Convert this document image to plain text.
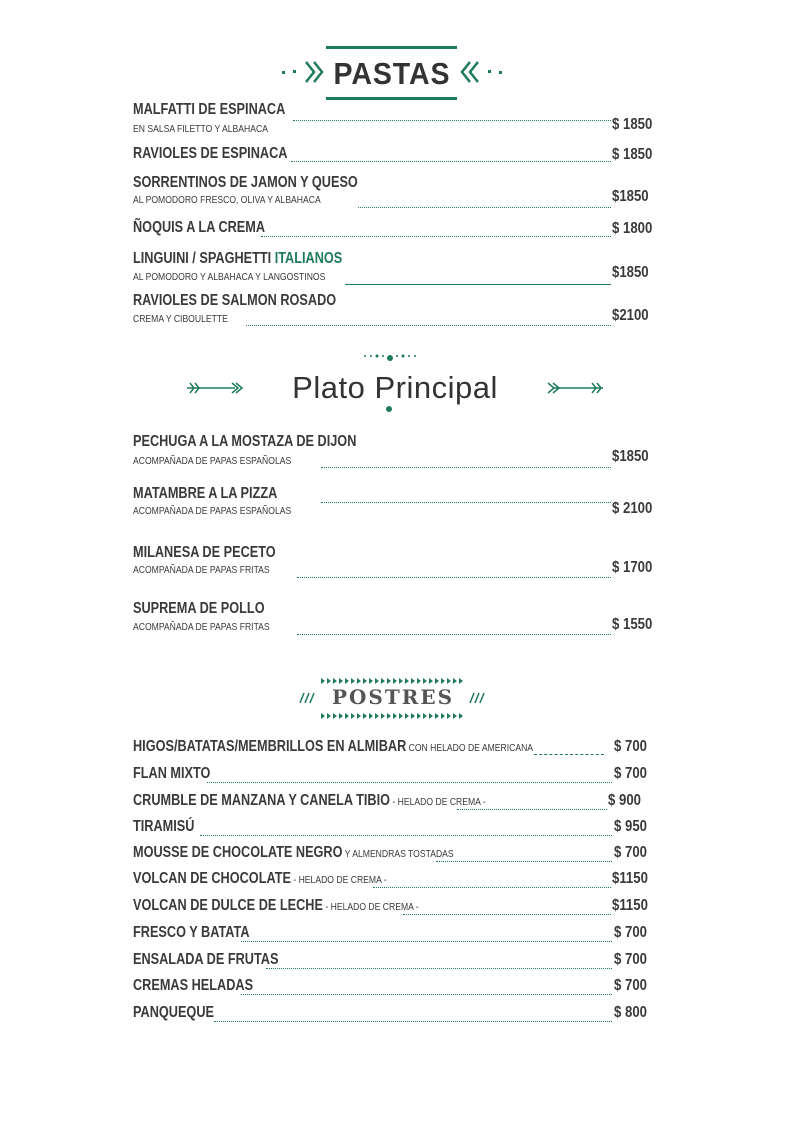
PASTAS
MALFATTI DE ESPINACA
EN SALSA FILETTO Y ALBAHACA	$ 1850
RAVIOLES DE ESPINACA	$ 1850
SORRENTINOS DE JAMON Y QUESO
AL POMODORO FRESCO, OLIVA Y ALBAHACA	$1850
ÑOQUIS A LA CREMA	$ 1800
LINGUINI / SPAGHETTI ITALIANOS
AL POMODORO Y ALBAHACA Y LANGOSTINOS	$1850
RAVIOLES DE SALMON ROSADO
CREMA Y CIBOULETTE	$2100
Plato Principal
PECHUGA A LA MOSTAZA DE DIJON
ACOMPAÑADA DE PAPAS ESPAÑOLAS	$1850
MATAMBRE A LA PIZZA
ACOMPAÑADA DE PAPAS ESPAÑOLAS	$ 2100
MILANESA DE PECETO
ACOMPAÑADA DE PAPAS FRITAS	$ 1700
SUPREMA DE POLLO
ACOMPAÑADA DE PAPAS FRITAS	$ 1550
POSTRES
HIGOS/BATATAS/MEMBRILLOS EN ALMIBAR CON HELADO DE AMERICANA	$ 700
FLAN MIXTO	$ 700
CRUMBLE DE MANZANA Y CANELA TIBIO - HELADO DE CREMA -	$ 900
TIRAMISÚ	$ 950
MOUSSE DE CHOCOLATE NEGRO Y ALMENDRAS TOSTADAS	$ 700
VOLCAN DE CHOCOLATE - HELADO DE CREMA -	$1150
VOLCAN DE DULCE DE LECHE - HELADO DE CREMA -	$1150
FRESCO Y BATATA	$ 700
ENSALADA DE FRUTAS	$ 700
CREMAS HELADAS	$ 700
PANQUEQUE	$ 800
